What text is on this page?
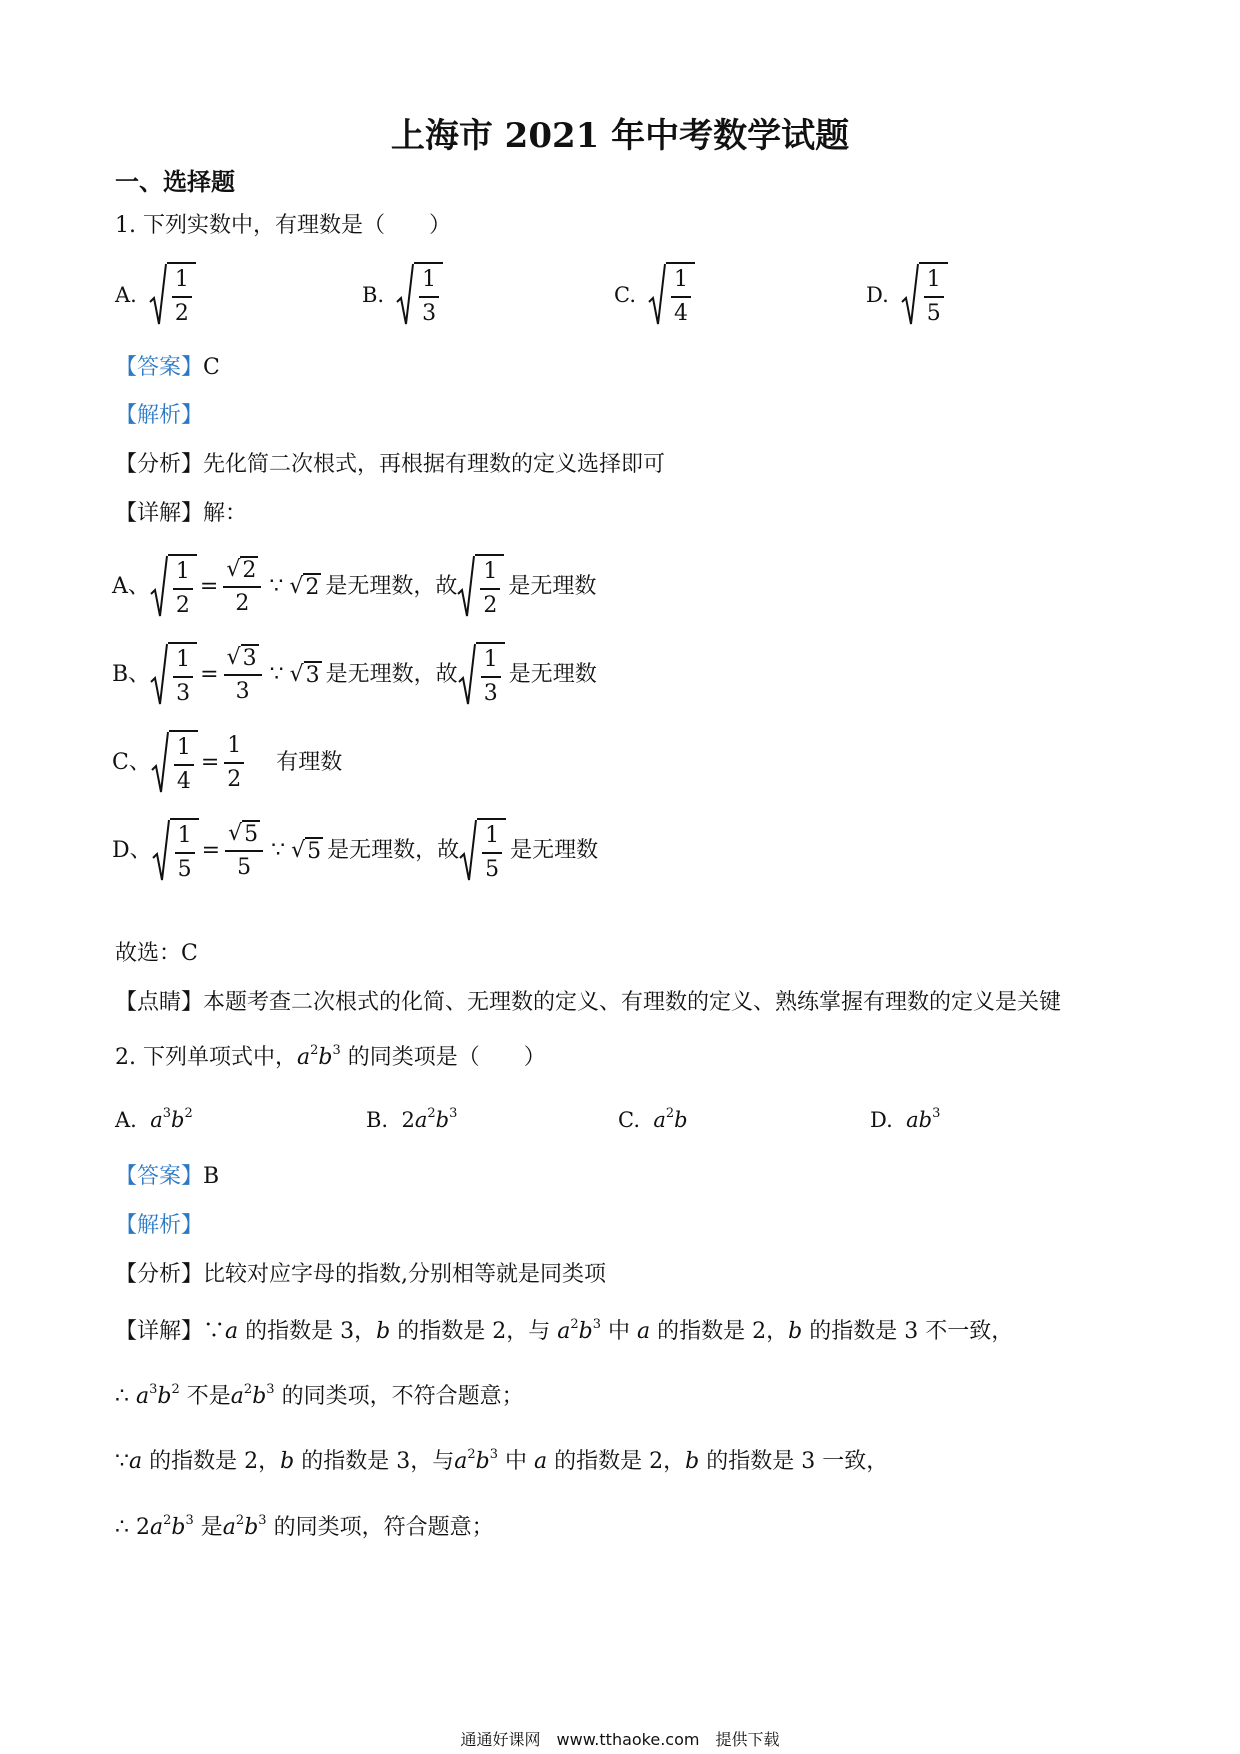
上海市 2021 年中考数学试题
一、选择题
1. 下列实数中，有理数是（　　）
A. $\frac{1}{2}$	B. $\frac{1}{3}$	C. $\frac{1}{4}$	D. $\frac{1}{5}$
【答案】C
【解析】
【分析】先化简二次根式，再根据有理数的定义选择即可
【详解】解：
A、 $\frac{1}{2} = \frac{√ 2}{2}$ ∵ √ 2 是无理数，故 $\frac{1}{2}$ 是无理数
B、 $\frac{1}{3} = \frac{√ 3}{3}$ ∵ √ 3 是无理数，故 $\frac{1}{3}$ 是无理数
C、 $\frac{1}{4} = \frac{1}{2}$ 有理数
D、 $\frac{1}{5} = \frac{√ 5}{5}$ ∵ √ 5 是无理数，故 $\frac{1}{5}$ 是无理数
故选：C
【点睛】本题考查二次根式的化简、无理数的定义、有理数的定义、熟练掌握有理数的定义是关键
2. 下列单项式中，$a^2b^3$ 的同类项是（　　）
A. $a^3b^2$	B.  $2a^2b^3$	C. $a^2b$	D. $ab^3$
【答案】B
【解析】
【分析】比较对应字母的指数,分别相等就是同类项
【详解】∵a 的指数是 3，b 的指数是 2，与 $a^2b^3$ 中 a 的指数是 2，b 的指数是 3 不一致，
∴ $a^3b^2$ 不是$a^2b^3$ 的同类项，不符合题意；
∵a 的指数是 2，b 的指数是 3，与$a^2b^3$ 中 a 的指数是 2，b 的指数是 3 一致，
∴ $2a^2b^3$ 是$a^2b^3$ 的同类项，符合题意；
通通好课网　www.tthaoke.com　提供下载
